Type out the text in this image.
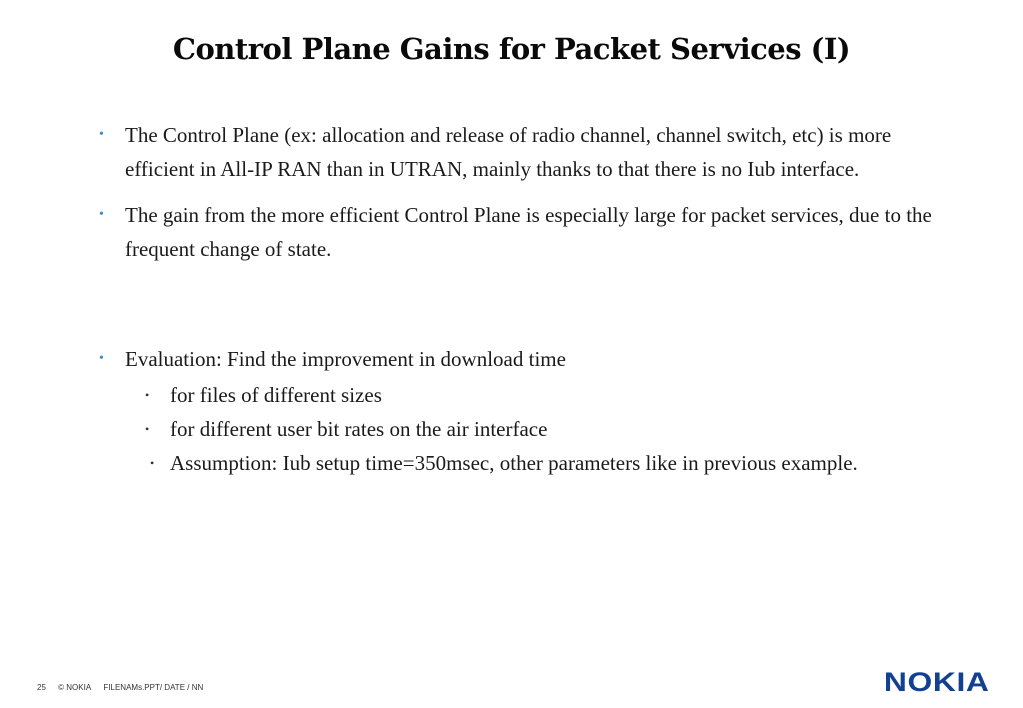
Control Plane Gains for Packet Services (I)
• The Control Plane (ex: allocation and release of radio channel, channel switch, etc) is more efficient in All-IP RAN than in UTRAN, mainly thanks to that there is no Iub interface.
• The gain from the more efficient Control Plane is especially large for packet services, due to the frequent change of state.
• Evaluation: Find the improvement in download time
• for files of different sizes
• for different user bit rates on the air interface
• Assumption: Iub setup time=350msec, other parameters like in previous example.
25 © NOKIA FILENAMs.PPT/ DATE / NN	NOKIA
